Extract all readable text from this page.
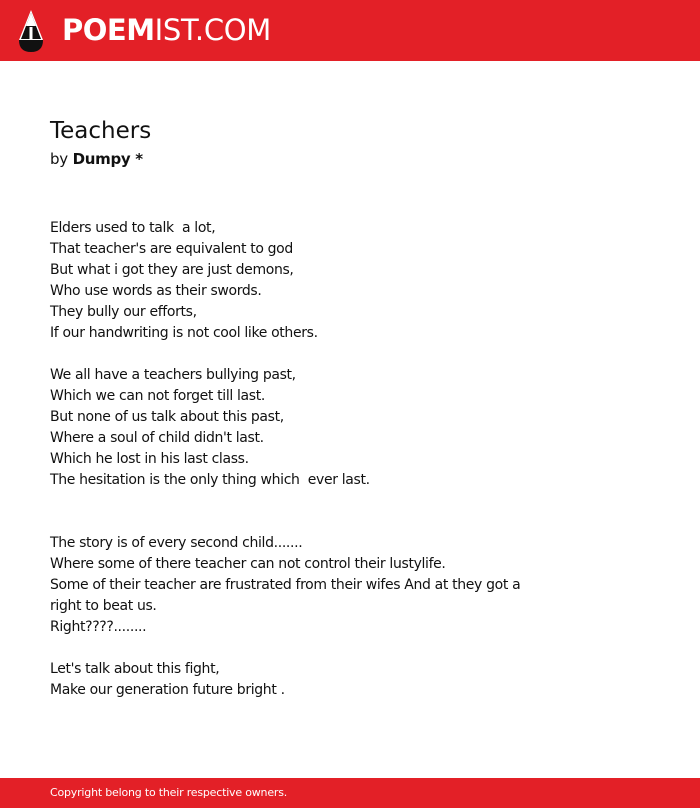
POEMIST.COM
Teachers
by Dumpy *
Elders used to talk  a lot,
That teacher's are equivalent to god
But what i got they are just demons,
Who use words as their swords.
They bully our efforts,
If our handwriting is not cool like others.
We all have a teachers bullying past,
Which we can not forget till last.
But none of us talk about this past,
Where a soul of child didn't last.
Which he lost in his last class.
The hesitation is the only thing which  ever last.
The story is of every second child.......
Where some of there teacher can not control their lustylife.
Some of their teacher are frustrated from their wifes And at they got a
right to beat us.
Right????........
Let's talk about this fight,
Make our generation future bright .
Copyright belong to their respective owners.
